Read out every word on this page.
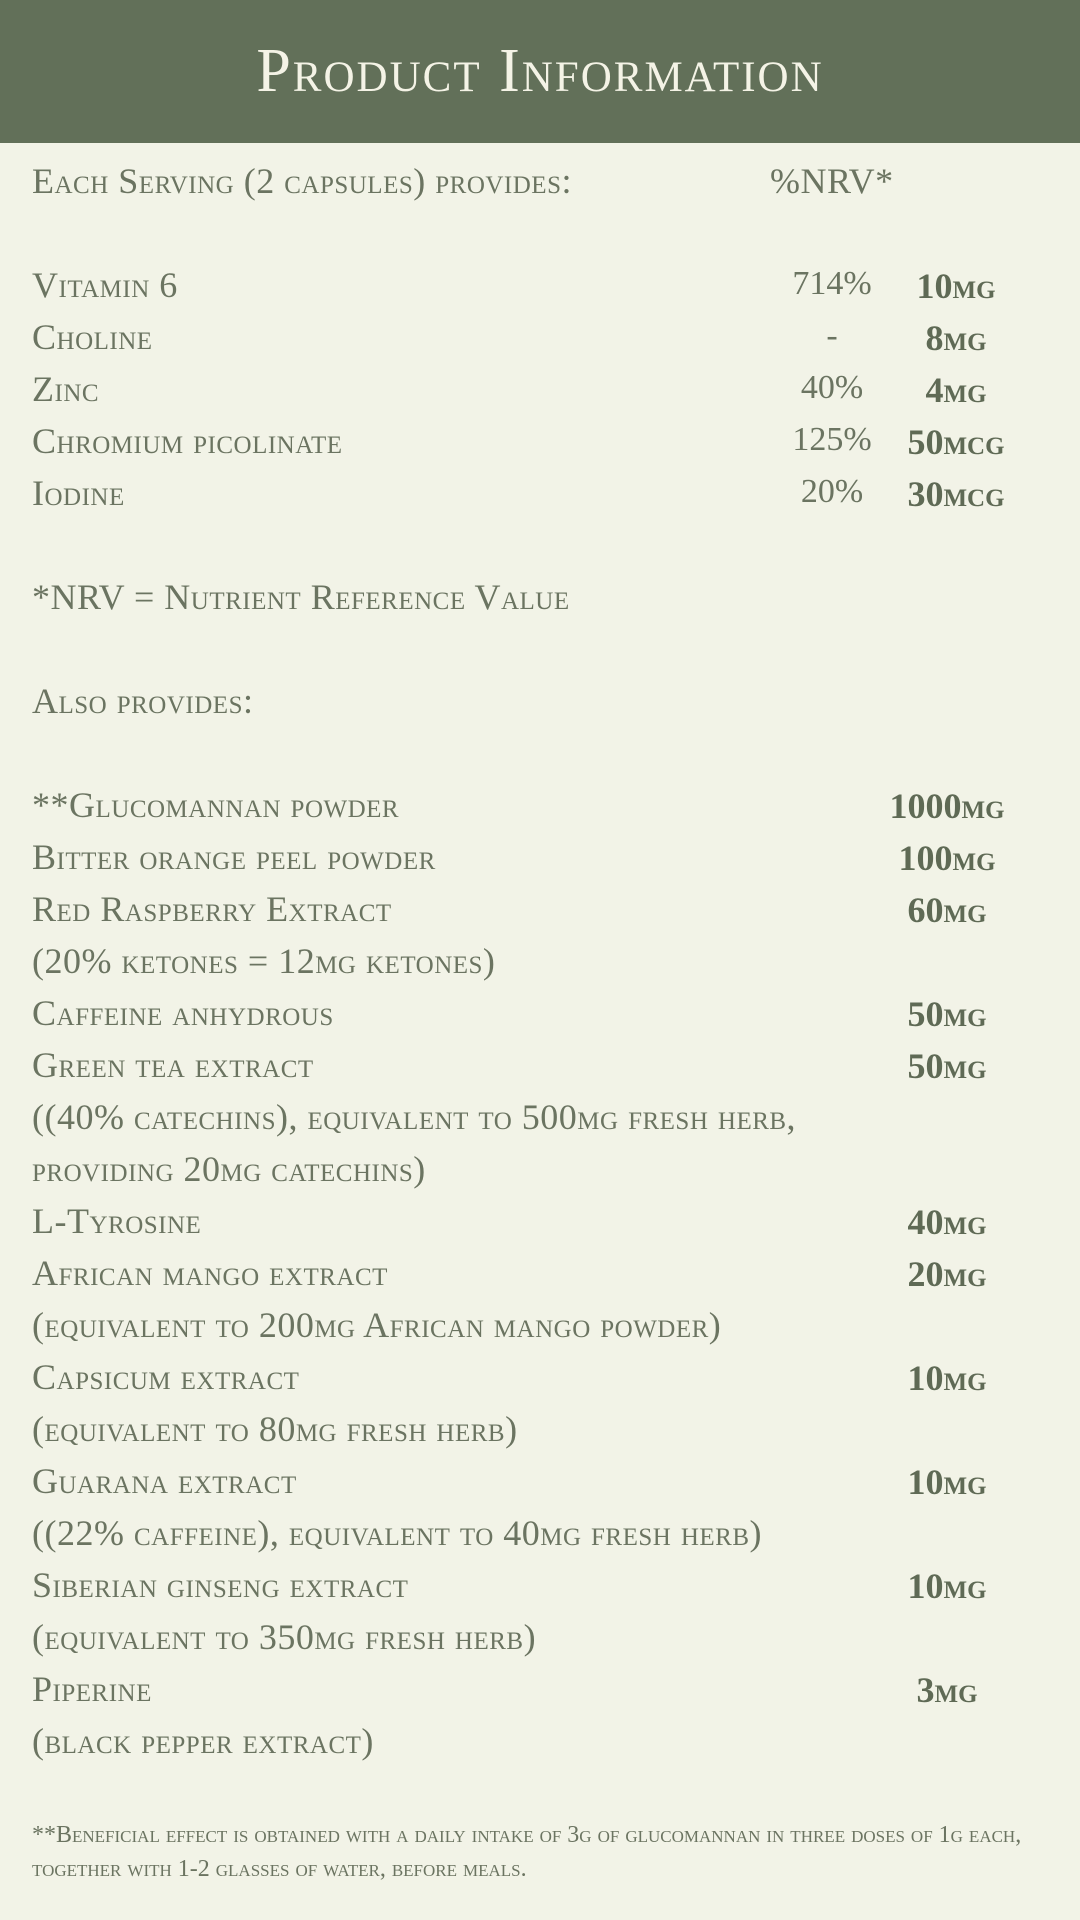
Product Information
Each Serving (2 capsules) provides:	%NRV*
Vitamin 6	714%	10mg
Choline	-	8mg
Zinc	40%	4mg
Chromium picolinate	125% 50mcg
Iodine	20%	30mcg
*NRV = Nutrient Reference Value
Also provides:
**Glucomannan powder	1000mg
Bitter orange peel powder	100mg
Red Raspberry Extract	60mg
(20% ketones = 12mg ketones)
Caffeine anhydrous	50mg
Green tea extract	50mg
((40% catechins), equivalent to 500mg fresh herb,
providing 20mg catechins)
L-Tyrosine	40mg
African mango extract	20mg
(equivalent to 200mg African mango powder)
Capsicum extract	10mg
(equivalent to 80mg fresh herb)
Guarana extract	10mg
((22% caffeine), equivalent to 40mg fresh herb)
Siberian ginseng extract	10mg
(equivalent to 350mg fresh herb)
Piperine	3mg
(black pepper extract)
**Beneficial effect is obtained with a daily intake of 3g of glucomannan in three doses of 1g each, together with 1-2 glasses of water, before meals.
